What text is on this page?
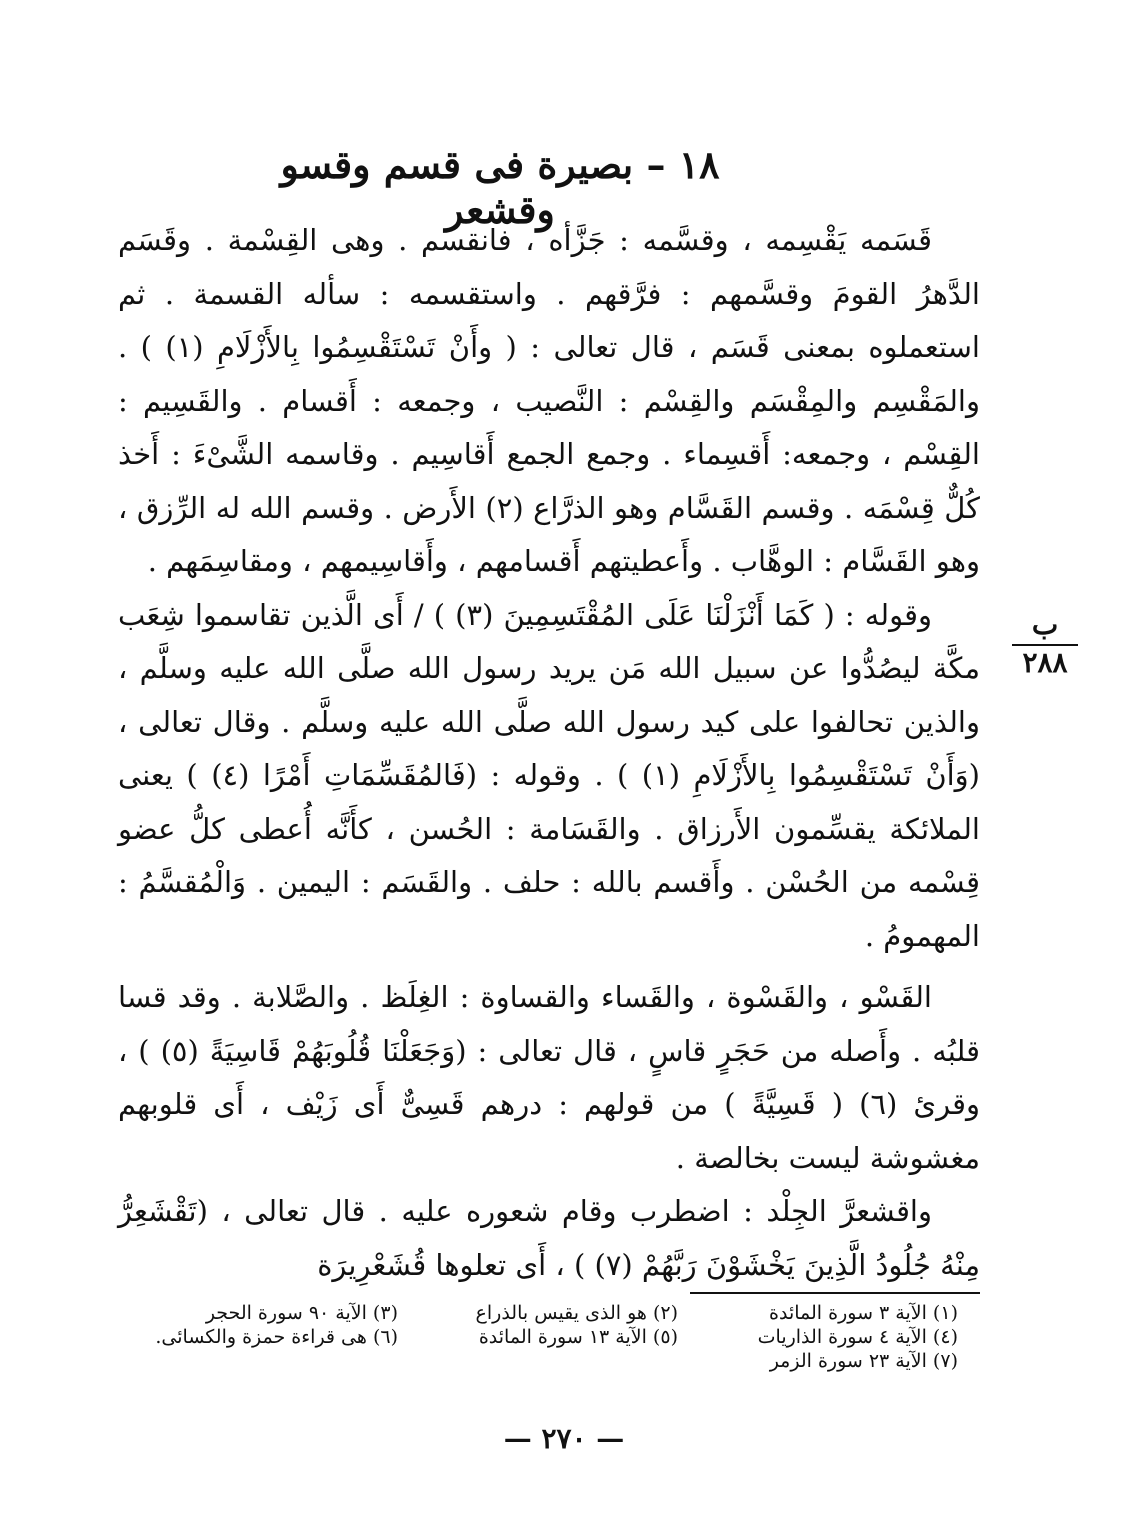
١٨ – بصيرة فى قسم وقسو وقشعر

قَسَمه يَقْسِمه ، وقسَّمه : جَزَّأه ، فانقسم . وهى القِسْمة . وقَسَم الدَّهرُ القومَ وقسَّمهم : فرَّقهم . واستقسمه : سأله القسمة . ثم استعملوه بمعنى قَسَم ، قال تعالى : ( وأَنْ تَسْتَقْسِمُوا بِالأَزْلَامِ (١) ) . والمَقْسِم والمِقْسَم والقِسْم : النَّصيب ، وجمعه : أَقسام . والقَسِيم : القِسْم ، وجمعه: أَقسِماء . وجمع الجمع أَقاسِيم . وقاسمه الشَّىْءَ : أَخذ كُلٌّ قِسْمَه . وقسم القَسَّام وهو الذرَّاع (٢) الأَرض . وقسم الله له الرِّزق ، وهو القَسَّام : الوهَّاب . وأَعطيتهم أَقسامهم ، وأَقاسِيمهم ، ومقاسِمَهم .

وقوله : ( كَمَا أَنْزَلْنَا عَلَى المُقْتَسِمِينَ (٣) ) / أَى الَّذين تقاسموا شِعَب مكَّة ليصُدُّوا عن سبيل الله مَن يريد رسول الله صلَّى الله عليه وسلَّم ، والذين تحالفوا على كيد رسول الله صلَّى الله عليه وسلَّم . وقال تعالى ، (وَأَنْ تَسْتَقْسِمُوا بِالأَزْلَامِ (١) ) . وقوله : (فَالمُقَسِّمَاتِ أَمْرًا (٤) ) يعنى الملائكة يقسِّمون الأَرزاق . والقَسَامة : الحُسن ، كأَنَّه أُعطى كلُّ عضو قِسْمه من الحُسْن . وأَقسم بالله : حلف . والقَسَم : اليمين . وَالْمُقسَّمُ : المهمومُ .

القَسْو ، والقَسْوة ، والقَساء والقساوة : الغِلَظ . والصَّلابة . وقد قسا قلبُه . وأَصله من حَجَرٍ قاسٍ ، قال تعالى : (وَجَعَلْنَا قُلُوبَهُمْ قَاسِيَةً (٥) ) ، وقرئ (٦) ( قَسِيَّةً ) من قولهم : درهم قَسِىٌّ أَى زَيْف ، أَى قلوبهم مغشوشة ليست بخالصة .

واقشعرَّ الجِلْد : اضطرب وقام شعوره عليه . قال تعالى ، (تَقْشَعِرُّ مِنْهُ جُلُودُ الَّذِينَ يَخْشَوْنَ رَبَّهُمْ (٧) ) ، أَى تعلوها قُشَعْرِيرَة

ب
٢٨٨
(١) الآية ٣ سورة المائدة
(٢) هو الذى يقيس بالذراع
(٣) الآية ٩٠ سورة الحجر
(٤) الآية ٤ سورة الذاريات
(٥) الآية ١٣ سورة المائدة
(٦) هى قراءة حمزة والكسائى.
(٧) الآية ٢٣ سورة الزمر
— ٢٧٠ —
